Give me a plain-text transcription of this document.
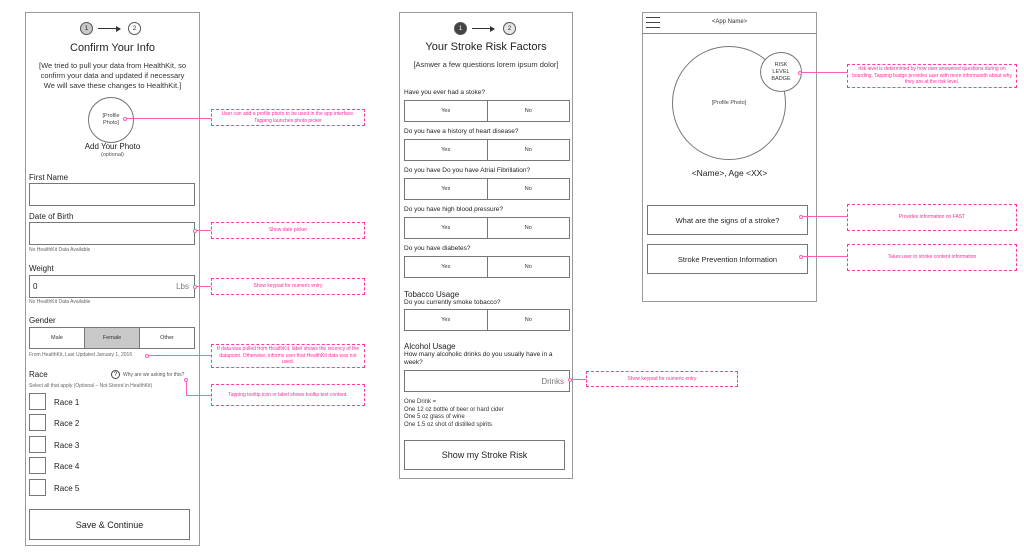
1	2
Confirm Your Info
[We tried to pull your data from HealthKit, so
confirm your data and updated if necessary
We will save these changes to HealthKit.]
[Profile
Photo]
Add Your Photo
(optional)
First Name
Date of Birth
No HealthKit Data Available
Weight
0	Lbs
No HealthKit Data Available
Gender
Male	Female	Other
From HealthKit, Last Updated January 1, 2016
Race	?	Why are we asking for this?
Select all that apply (Optional – Not Stored in HealthKit)
Race 1
Race 2
Race 3
Race 4
Race 5
Save & Continue
User can add a profile photo to be used in the app interface. Tapping launches photo picker
Show date picker
Show keypad for numeric entry
If data was pulled from HealthKit, label shows the recency of the datapoint. Otherwise, informs user that HealthKit data was not used.
Tapping tooltip icon or label shows tooltip text content.
1	2
Your Stroke Risk Factors
[Asnwer a few questions lorem ipsum dolor]
Have you ever had a stoke?
Yes	No
Do you have a history of heart disease?
Yes	No
Do you have Do you have Atrial Fibrillation?
Yes	No
Do you have high blood pressure?
Yes	No
Do you have diabetes?
Yes	No
Tobacco Usage
Do you currently smoke tobacco?
Yes	No
Alcohol Usage
How many alcoholic drinks do you usually have in a
week?
Drinks
One Drink =
One 12 oz bottle of beer or hard cider
One 5 oz glass of wine
One 1.5 oz shot of distilled spirits
Show my Stroke Risk
Show keypad for numeric entry
<App Name>
[Profile Photo]
RISK
LEVEL
BADGE
<Name>, Age <XX>
What are the signs of a stroke?
Stroke Prevention Information
risk level is determined by how user answered questions during on boarding. Tapping badge provides user with more informaioth about why they are at the risk level.
Provides information on FAST
Takes user to stroke content information
